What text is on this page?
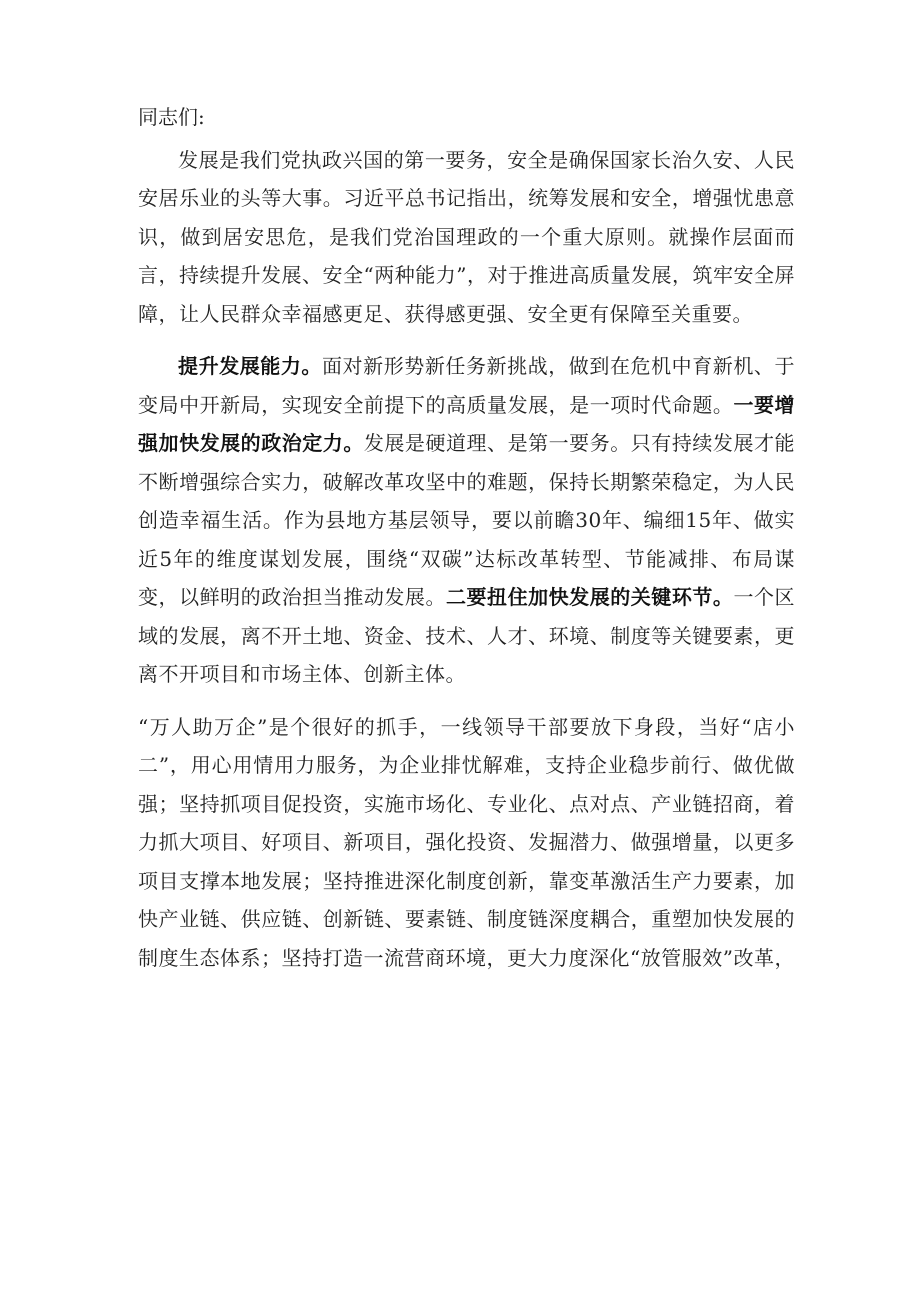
同志们:

发展是我们党执政兴国的第一要务，安全是确保国家长治久安、人民安居乐业的头等大事。习近平总书记指出，统筹发展和安全，增强忧患意识，做到居安思危，是我们党治国理政的一个重大原则。就操作层面而言，持续提升发展、安全“两种能力”，对于推进高质量发展，筑牢安全屏障，让人民群众幸福感更足、获得感更强、安全更有保障至关重要。

提升发展能力。面对新形势新任务新挑战，做到在危机中育新机、于变局中开新局，实现安全前提下的高质量发展，是一项时代命题。一要增强加快发展的政治定力。发展是硬道理、是第一要务。只有持续发展才能不断增强综合实力，破解改革攻坚中的难题，保持长期繁荣稳定，为人民创造幸福生活。作为县地方基层领导，要以前瞻30年、编细15年、做实近5年的维度谋划发展，围绕“双碳”达标改革转型、节能减排、布局谋变，以鲜明的政治担当推动发展。二要扭住加快发展的关键环节。一个区域的发展，离不开土地、资金、技术、人才、环境、制度等关键要素，更离不开项目和市场主体、创新主体。

“万人助万企”是个很好的抓手，一线领导干部要放下身段，当好“店小二”，用心用情用力服务，为企业排忧解难，支持企业稳步前行、做优做强；坚持抓项目促投资，实施市场化、专业化、点对点、产业链招商，着力抓大项目、好项目、新项目，强化投资、发掘潜力、做强增量，以更多项目支撑本地发展；坚持推进深化制度创新，靠变革激活生产力要素，加快产业链、供应链、创新链、要素链、制度链深度耦合，重塑加快发展的制度生态体系；坚持打造一流营商环境，更大力度深化“放管服效”改革，
